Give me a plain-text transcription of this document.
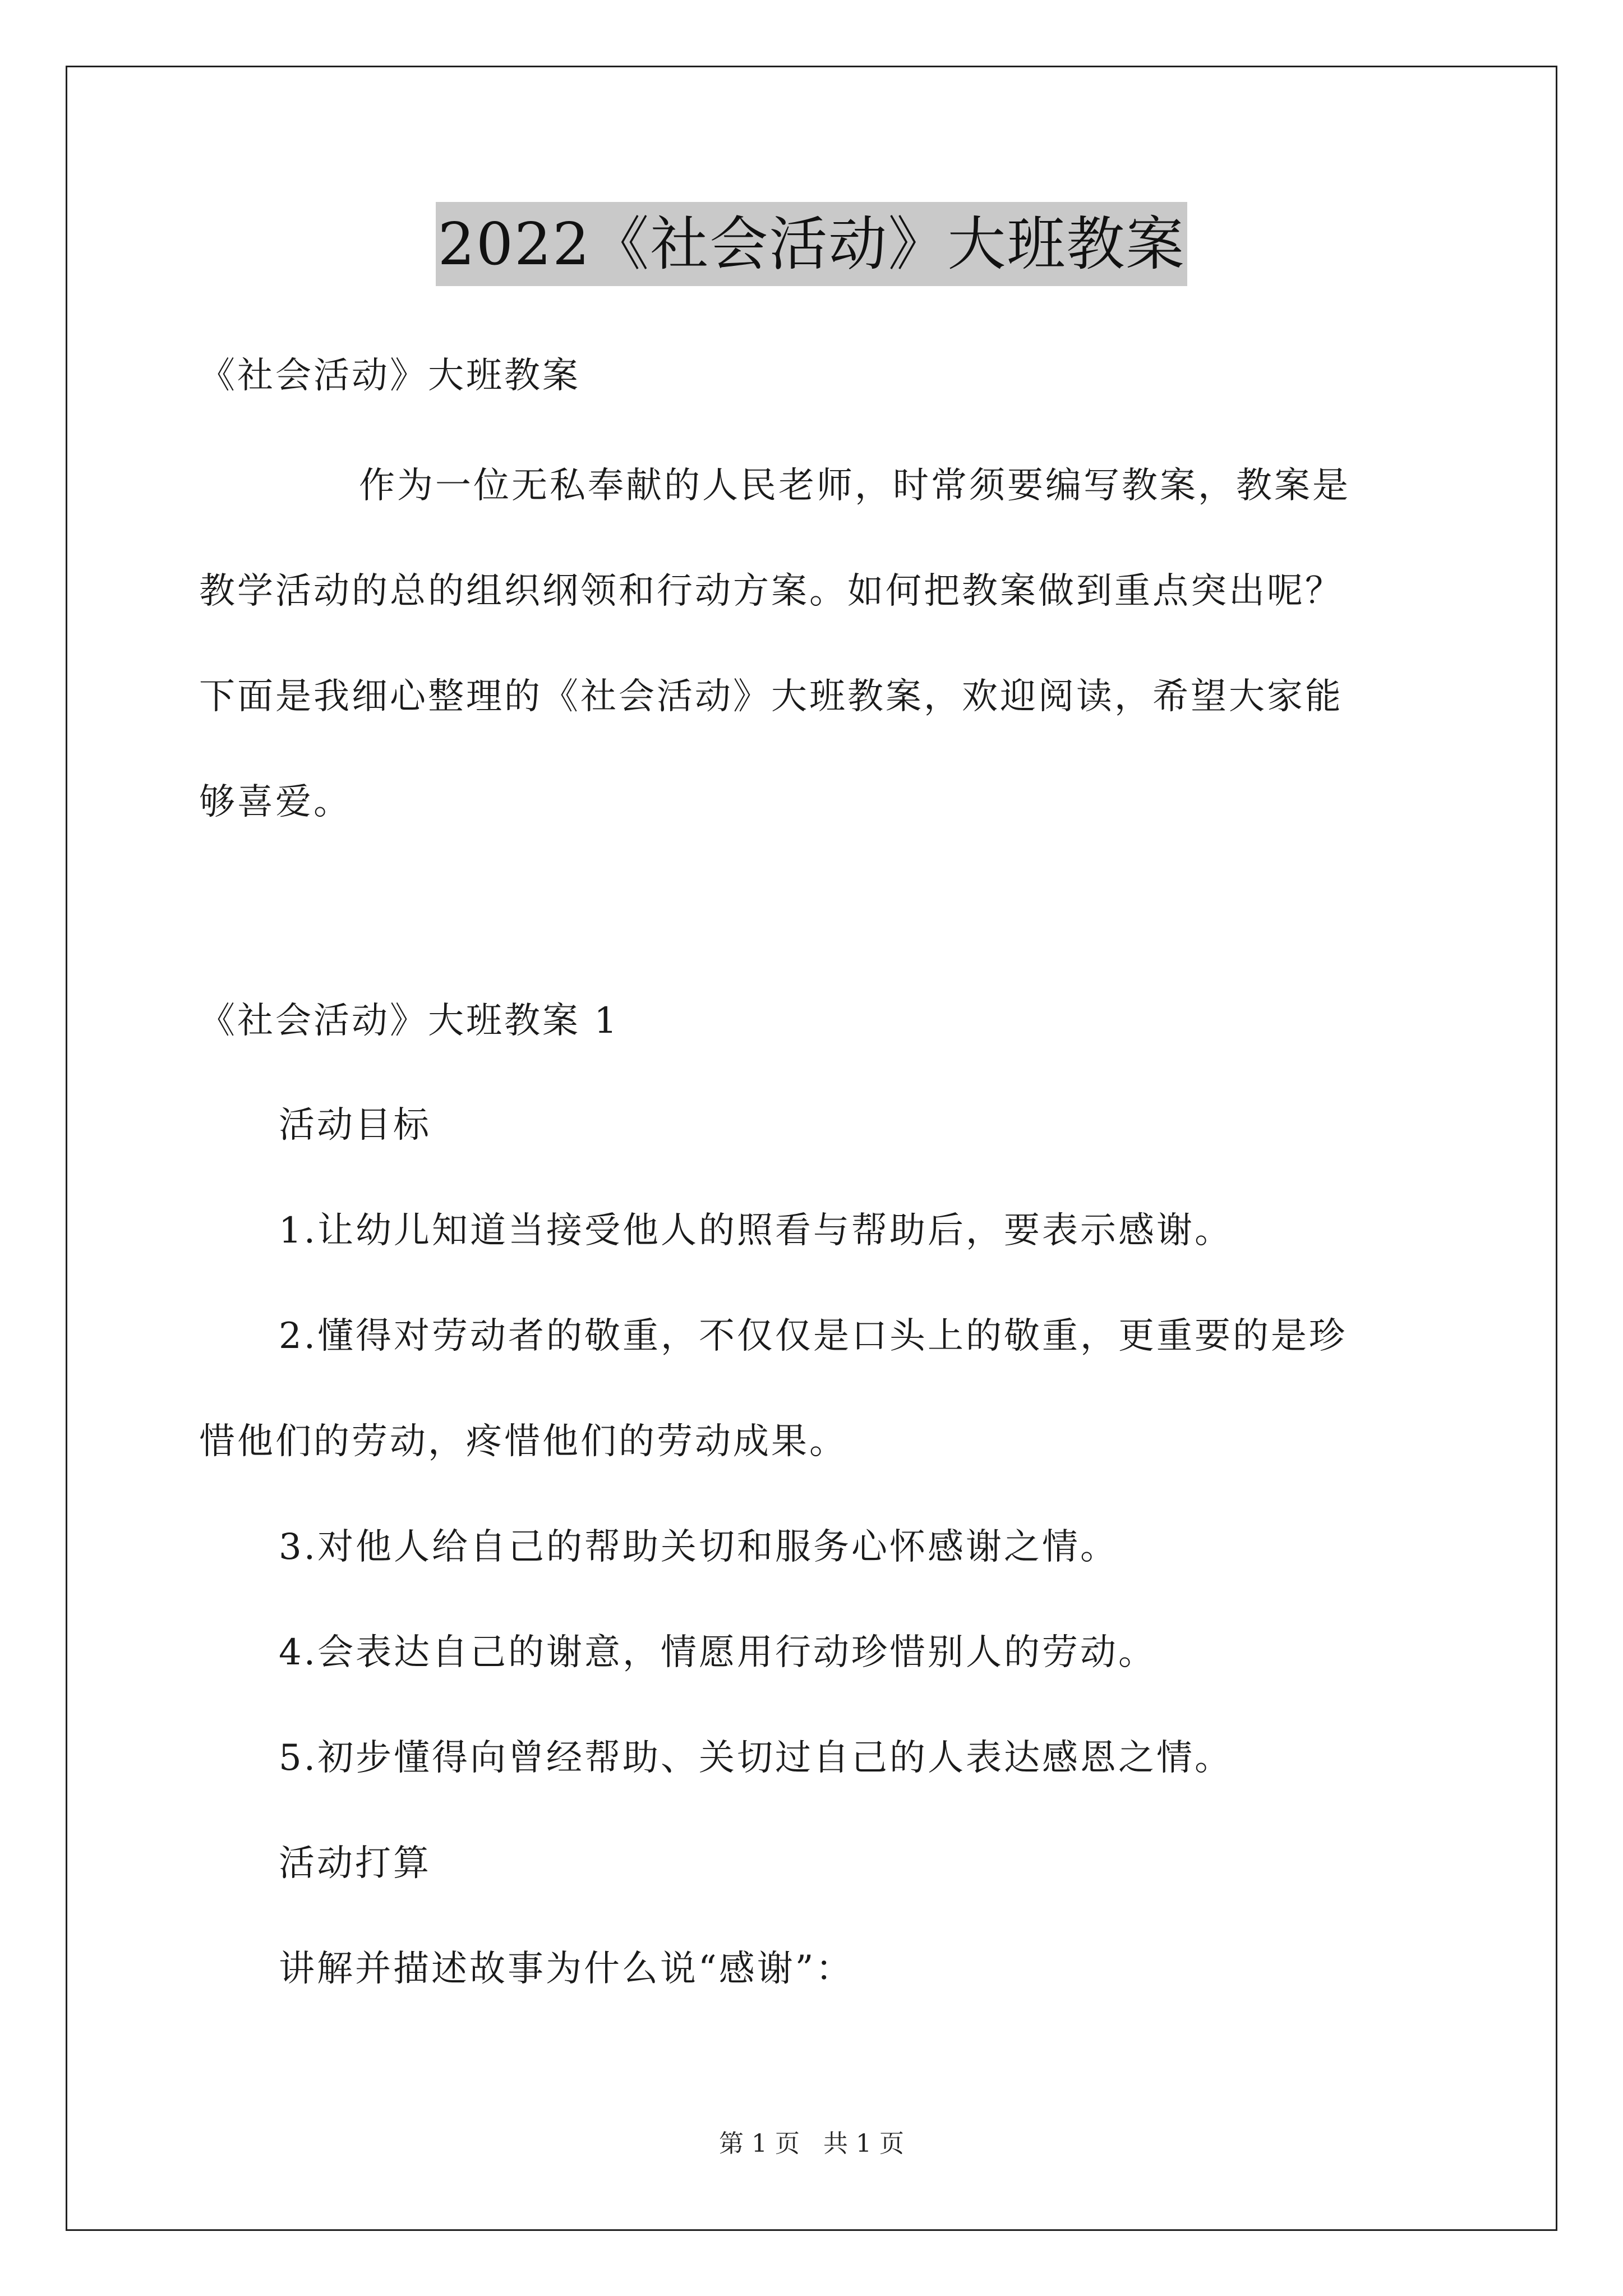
2022《社会活动》大班教案
《社会活动》大班教案
作为一位无私奉献的人民老师，时常须要编写教案，教案是
教学活动的总的组织纲领和行动方案。如何把教案做到重点突出呢？
下面是我细心整理的《社会活动》大班教案，欢迎阅读，希望大家能
够喜爱。
《社会活动》大班教案 1
活动目标
1.让幼儿知道当接受他人的照看与帮助后，要表示感谢。
2.懂得对劳动者的敬重，不仅仅是口头上的敬重，更重要的是珍
惜他们的劳动，疼惜他们的劳动成果。
3.对他人给自己的帮助关切和服务心怀感谢之情。
4.会表达自己的谢意，情愿用行动珍惜别人的劳动。
5.初步懂得向曾经帮助、关切过自己的人表达感恩之情。
活动打算
讲解并描述故事为什么说“感谢”：
第 1 页   共 1 页
